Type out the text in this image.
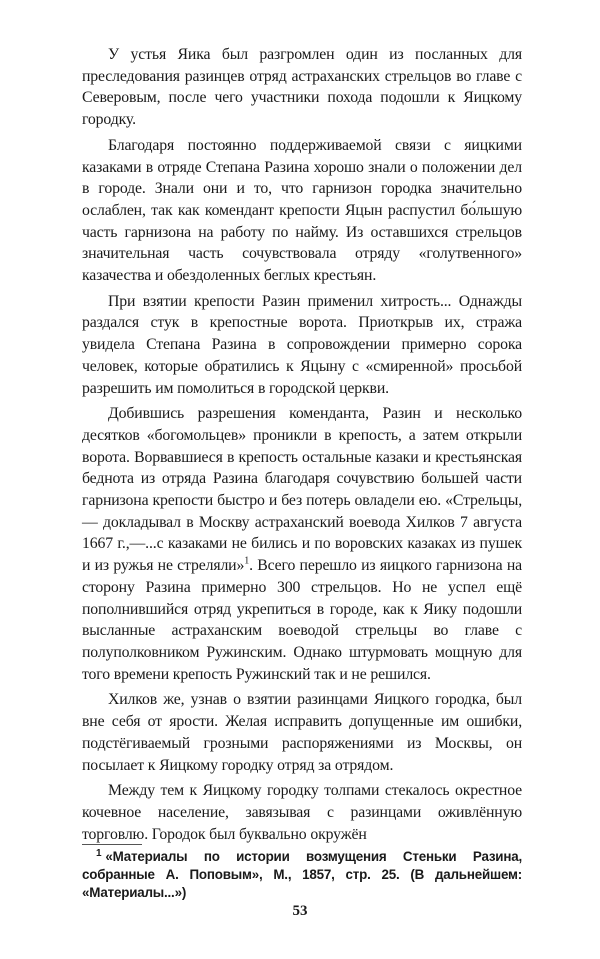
У устья Яика был разгромлен один из посланных для преследования разинцев отряд астраханских стрельцов во главе с Северовым, после чего участники похода подошли к Яицкому городку.

Благодаря постоянно поддерживаемой связи с яицкими казаками в отряде Степана Разина хорошо знали о положении дел в городе. Знали они и то, что гарнизон городка значительно ослаблен, так как комендант крепости Яцын распустил бо́льшую часть гарнизона на работу по найму. Из оставшихся стрельцов значительная часть сочувствовала отряду «голутвенного» казачества и обездоленных беглых крестьян.

При взятии крепости Разин применил хитрость... Однажды раздался стук в крепостные ворота. Приоткрыв их, стража увидела Степана Разина в сопровождении примерно сорока человек, которые обратились к Яцыну с «смиренной» просьбой разрешить им помолиться в городской церкви.

Добившись разрешения коменданта, Разин и несколько десятков «богомольцев» проникли в крепость, а затем открыли ворота. Ворвавшиеся в крепость остальные казаки и крестьянская беднота из отряда Разина благодаря сочувствию большей части гарнизона крепости быстро и без потерь овладели ею. «Стрельцы,— докладывал в Москву астраханский воевода Хилков 7 августа 1667 г.,—...с казаками не бились и по воровских казаках из пушек и из ружья не стреляли»$^1$. Всего перешло из яицкого гарнизона на сторону Разина примерно 300 стрельцов. Но не успел ещё пополнившийся отряд укрепиться в городе, как к Яику подошли высланные астраханским воеводой стрельцы во главе с полуполковником Ружинским. Однако штурмовать мощную для того времени крепость Ружинский так и не решился.

Хилков же, узнав о взятии разинцами Яицкого городка, был вне себя от ярости. Желая исправить допущенные им ошибки, подстёгиваемый грозными распоряжениями из Москвы, он посылает к Яицкому городку отряд за отрядом.

Между тем к Яицкому городку толпами стекалось окрестное кочевное население, завязывая с разинцами оживлённую торговлю. Городок был буквально окружён

$^1$ «Материалы по истории возмущения Стеньки Разина, собранные А. Поповым», М., 1857, стр. 25. (В дальнейшем: «Материалы...»)

53
